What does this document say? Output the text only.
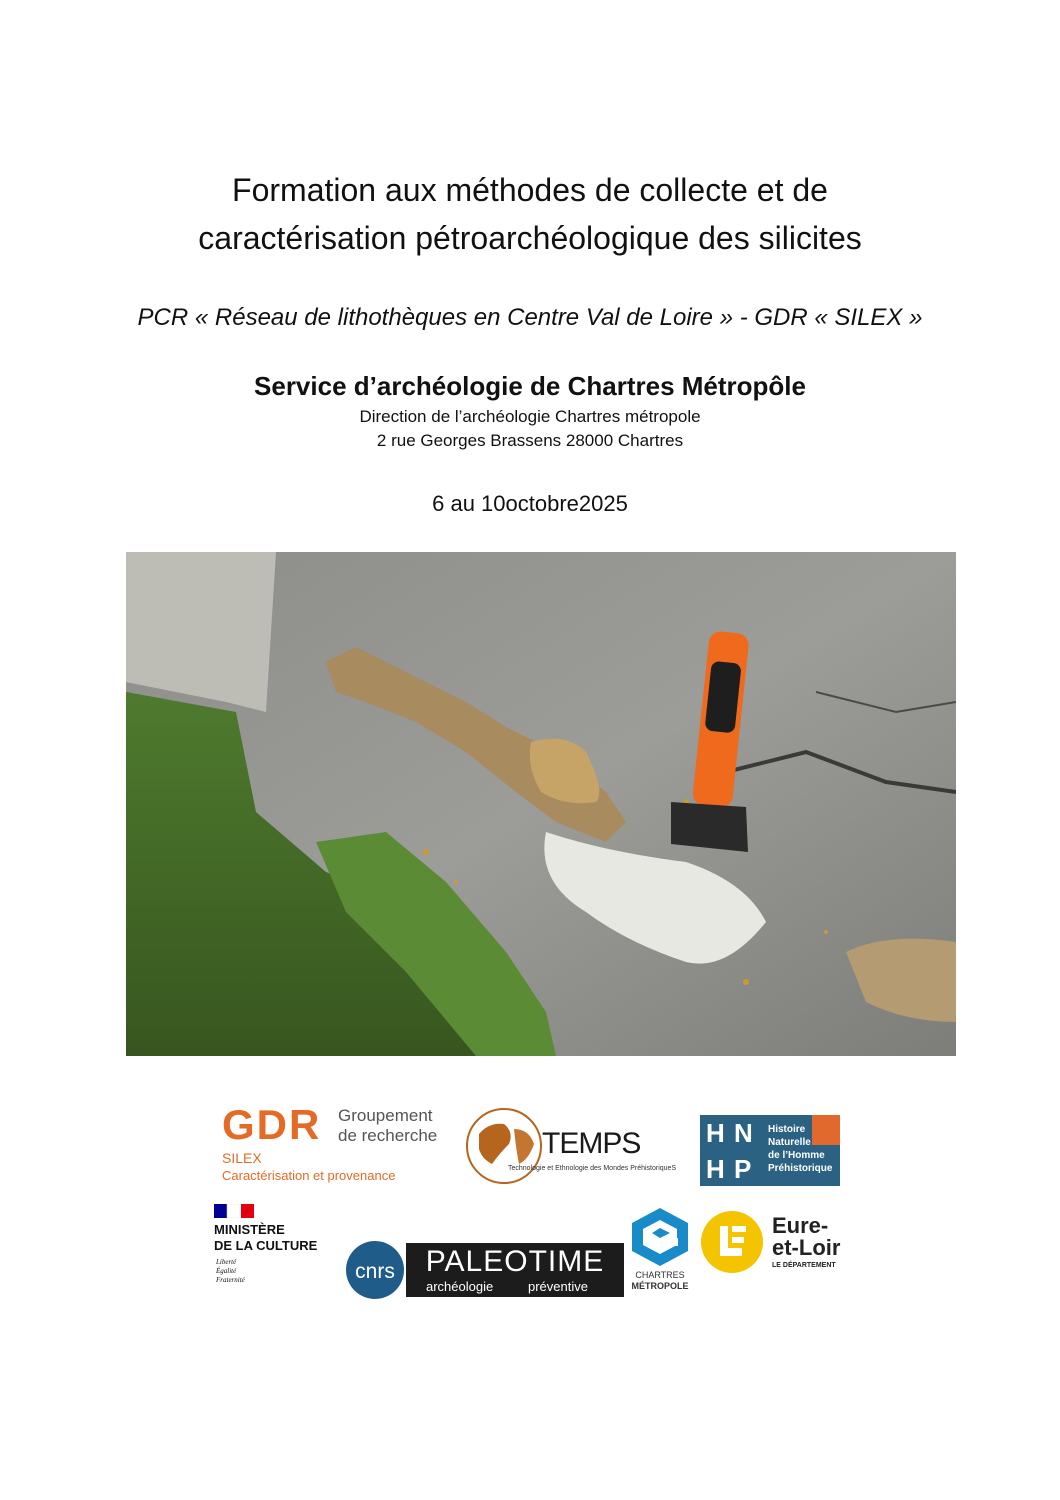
Formation aux méthodes de collecte et de
caractérisation pétroarchéologique des silicites
PCR « Réseau de lithothèques en Centre Val de Loire » - GDR « SILEX »
Service d’archéologie de Chartres Métropôle
Direction de l’archéologie Chartres métropole
2 rue Georges Brassens 28000 Chartres
6 au 10octobre2025
GDR Groupement
de recherche
SILEX
Caractérisation et provenance
TEMPS
Technologie et Ethnologie des Mondes PréhistoriqueS
H N
H P
Histoire
Naturelle
de l’Homme
Préhistorique
MINISTÈRE
DE LA CULTURE
Liberté
Égalité
Fraternité	cnrs	PALEOTIME
archéologie	préventive
CHARTRES
MÉTROPOLE
Eure-
et-Loir
LE DÉPARTEMENT
